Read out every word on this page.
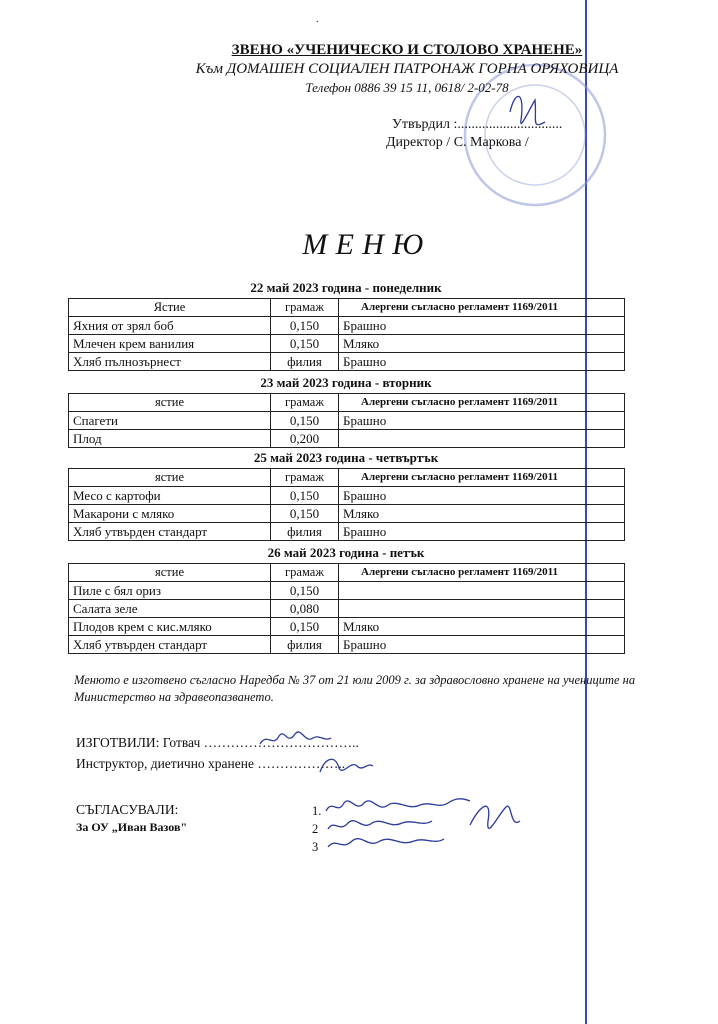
.
ЗВЕНО «УЧЕНИЧЕСКО И СТОЛОВО ХРАНЕНЕ»
Към ДОМАШЕН СОЦИАЛЕН ПАТРОНАЖ ГОРНА ОРЯХОВИЦА
Телефон 0886 39 15 11, 0618/ 2-02-78
Утвърдил :..............................
Директор / С. Маркова /
М Е Н Ю
22 май 2023 година - понеделник
Ястие	грамаж	Алергени съгласно регламент 1169/2011
Яхния от зрял боб	0,150	Брашно
Млечен крем ванилия	0,150	Мляко
Хляб пълнозърнест	филия	Брашно
23 май 2023 година - вторник
ястие	грамаж	Алергени съгласно регламент 1169/2011
Спагети	0,150	Брашно
Плод	0,200	
25 май 2023 година - четвъртък
ястие	грамаж	Алергени съгласно регламент 1169/2011
Месо с картофи	0,150	Брашно
Макарони с мляко	0,150	Мляко
Хляб утвърден стандарт	филия	Брашно
26 май 2023 година - петък
ястие	грамаж	Алергени съгласно регламент 1169/2011
Пиле с бял ориз	0,150	
Салата зеле	0,080	
Плодов крем с кис.мляко	0,150	Мляко
Хляб утвърден стандарт	филия	Брашно
Менюто е изготвено съгласно Наредба № 37 от 21 юли 2009 г. за здравословно хранене на учениците на Министерство на здравеопазването.
ИЗГОТВИЛИ: Готвач ……………………………..
Инструктор, диетично хранене ………………..
СЪГЛАСУВАЛИ:
За ОУ „Иван Вазов"
1.
2
3
